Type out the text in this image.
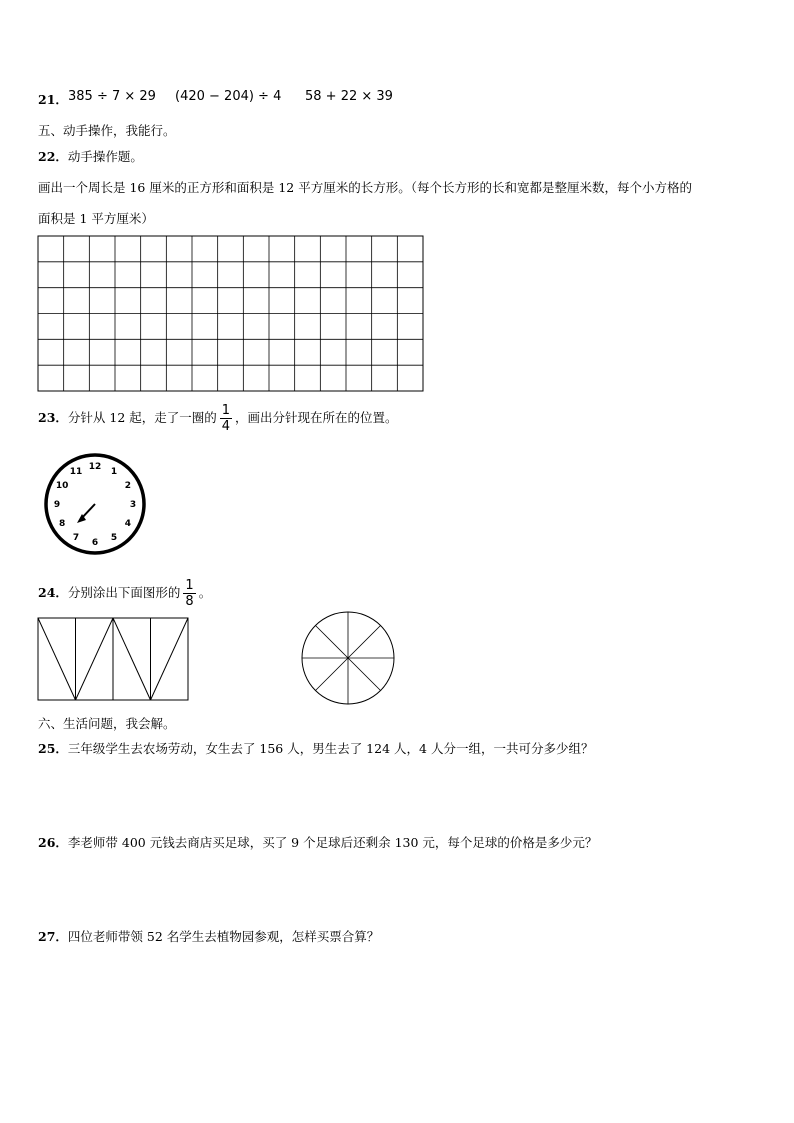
21． 385 ÷ 7 × 29 (420 − 204) ÷ 4 58 + 22 × 39
五、动手操作，我能行。
22．动手操作题。
画出一个周长是 16 厘米的正方形和面积是 12 平方厘米的长方形。（每个长方形的长和宽都是整厘米数，每个小方格的
面积是 1 平方厘米）
23．分针从 12 起，走了一圈的 $\frac{1}{4}$ ，画出分针现在所在的位置。
12
1
2
3
4
5
6
7
8
9
10
11
24．分别涂出下面图形的 $\frac{1}{8}$ 。
六、生活问题，我会解。
25．三年级学生去农场劳动，女生去了 156 人，男生去了 124 人，4 人分一组，一共可分多少组？
26．李老师带 400 元钱去商店买足球，买了 9 个足球后还剩余 130 元，每个足球的价格是多少元？
27．四位老师带领 52 名学生去植物园参观，怎样买票合算？
